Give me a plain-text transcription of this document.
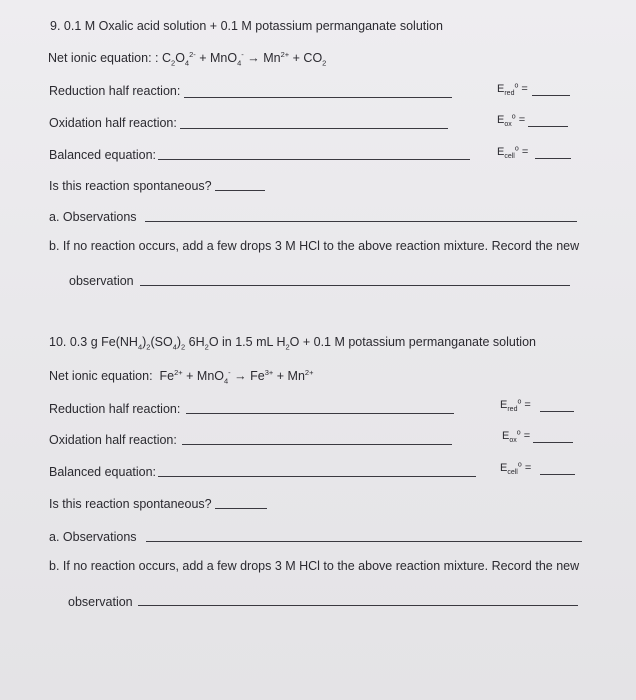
9. 0.1 M Oxalic acid solution + 0.1 M potassium permanganate solution
Net ionic equation: : $C_2O_4^{2-} + MnO_4^- \to Mn^{2+} + CO_2$
Reduction half reaction:	$E_{red}^o$ =
Oxidation half reaction:	$E_{ox}^o$ =
Balanced equation:	$E_{cell}^o$ =
Is this reaction spontaneous?
a. Observations
b. If no reaction occurs, add a few drops 3 M HCl to the above reaction mixture. Record the new
observation
10. 0.3 g $Fe(NH_4)_2(SO_4)_2$ $6H_2O$ in 1.5 mL $H_2O + 0.1$ M potassium permanganate solution
Net ionic equation: $Fe^{2+} + MnO_4^- \to Fe^{3+} + Mn^{2+}$
Reduction half reaction:	$E_{red}^o$ =
Oxidation half reaction:	$E_{ox}^o$ =
Balanced equation:	$E_{cell}^o$ =
Is this reaction spontaneous?
a. Observations
b. If no reaction occurs, add a few drops 3 M HCl to the above reaction mixture. Record the new
observation
